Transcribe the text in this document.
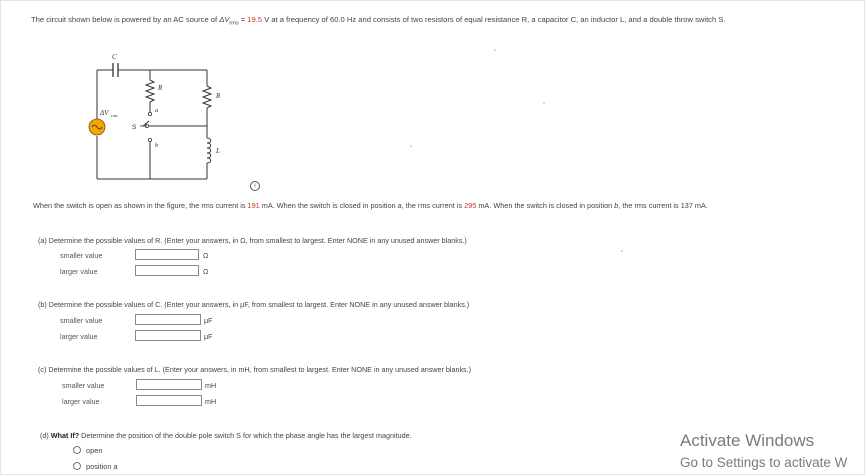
The circuit shown below is powered by an AC source of $\Delta V_{rms} = 19.5$ V at a frequency of 60.0 Hz and consists of two resistors of equal resistance R, a capacitor C, an inductor L, and a double throw switch S.
C
R
R
L
ΔV rms
S
a
b
i
When the switch is open as shown in the figure, the rms current is 191 mA. When the switch is closed in position a, the rms current is 295 mA. When the switch is closed in position b, the rms current is 137 mA.
(a) Determine the possible values of R. (Enter your answers, in Ω, from smallest to largest. Enter NONE in any unused answer blanks.)
smaller value	Ω
larger value	Ω
(b) Determine the possible values of C. (Enter your answers, in μF, from smallest to largest. Enter NONE in any unused answer blanks.)
smaller value	μF
larger value	μF
(c) Determine the possible values of L. (Enter your answers, in mH, from smallest to largest. Enter NONE in any unused answer blanks.)
smaller value	mH
larger value	mH
(d) What If? Determine the position of the double pole switch S for which the phase angle has the largest magnitude.
open
position a
Activate Windows
Go to Settings to activate W
